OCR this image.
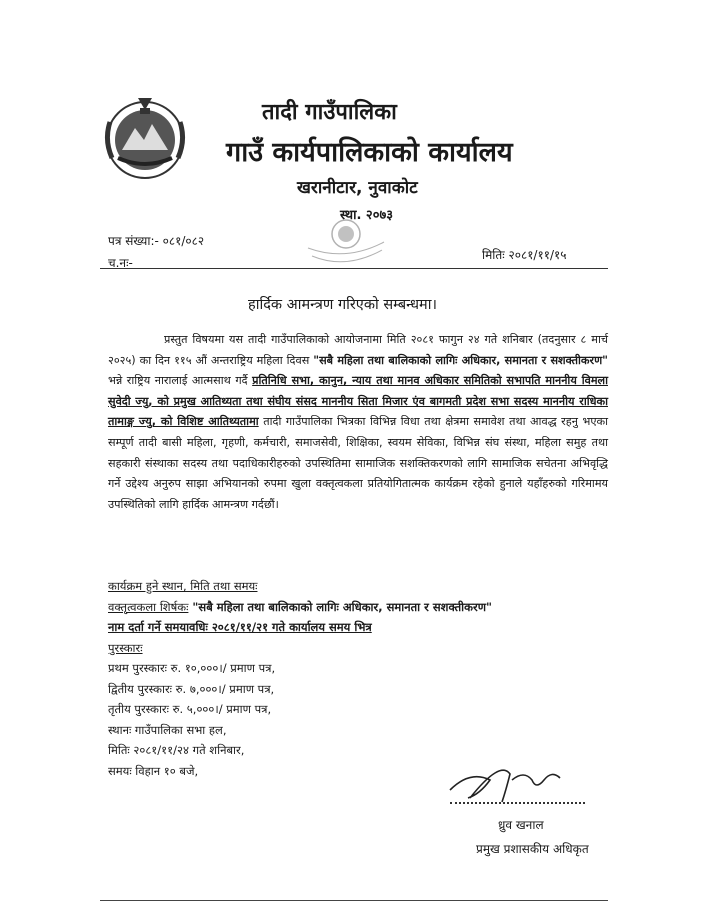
तादी गाउँपालिका
गाउँ कार्यपालिकाको कार्यालय
खरानीटार, नुवाकोट
स्था. २०७३
पत्र संख्या:- ०८१/०८२
च.नः-
मितिः २०८१/११/१५
हार्दिक आमन्त्रण गरिएको सम्बन्धमा।
प्रस्तुत विषयमा यस तादी गाउँपालिकाको आयोजनामा मिति २०८१ फागुन २४ गते शनिबार (तदनुसार ८ मार्च २०२५) का दिन ११५ औं अन्तराष्ट्रिय महिला दिवस "सबै महिला तथा बालिकाको लागिः अधिकार, समानता र सशक्तीकरण" भन्ने राष्ट्रिय नारालाई आत्मसाथ गर्दै प्रतिनिधि सभा, कानुन, न्याय तथा मानव अधिकार समितिको सभापति माननीय विमला सुवेदी ज्यु, को प्रमुख आतिथ्यता तथा संघीय संसद माननीय सिता मिजार एंव बागमती प्रदेश सभा सदस्य माननीय राधिका तामाङ्ग ज्यु, को विशिष्ट आतिथ्यतामा तादी गाउँपालिका भित्रका विभिन्न विधा तथा क्षेत्रमा समावेश तथा आवद्ध रहनु भएका सम्पूर्ण तादी बासी महिला, गृहणी, कर्मचारी, समाजसेवी, शिक्षिका, स्वयम सेविका, विभिन्न संघ संस्था, महिला समुह तथा सहकारी संस्थाका सदस्य तथा पदाधिकारीहरुको उपस्थितिमा सामाजिक सशक्तिकरणको लागि सामाजिक सचेतना अभिवृद्धि गर्ने उद्देश्य अनुरुप साझा अभियानको रुपमा खुला वक्तृत्वकला प्रतियोगितात्मक कार्यक्रम रहेको हुनाले यहाँहरुको गरिमामय उपस्थितिको लागि हार्दिक आमन्त्रण गर्दछौं।
कार्यक्रम हुने स्थान, मिति तथा समयः
वक्तृत्वकला शिर्षकः "सबै महिला तथा बालिकाको लागिः अधिकार, समानता र सशक्तीकरण"
नाम दर्ता गर्ने समयावधिः २०८१/११/२१ गते कार्यालय समय भित्र
पुरस्कारः
प्रथम पुरस्कारः रु. १०,०००।/ प्रमाण पत्र,
द्वितीय पुरस्कारः रु. ७,०००।/ प्रमाण पत्र,
तृतीय पुरस्कारः रु. ५,०००।/ प्रमाण पत्र,
स्थानः गाउँपालिका सभा हल,
मितिः २०८१/११/२४ गते शनिबार,
समयः विहान १० बजे,
ध्रुव खनाल
प्रमुख प्रशासकीय अधिकृत
